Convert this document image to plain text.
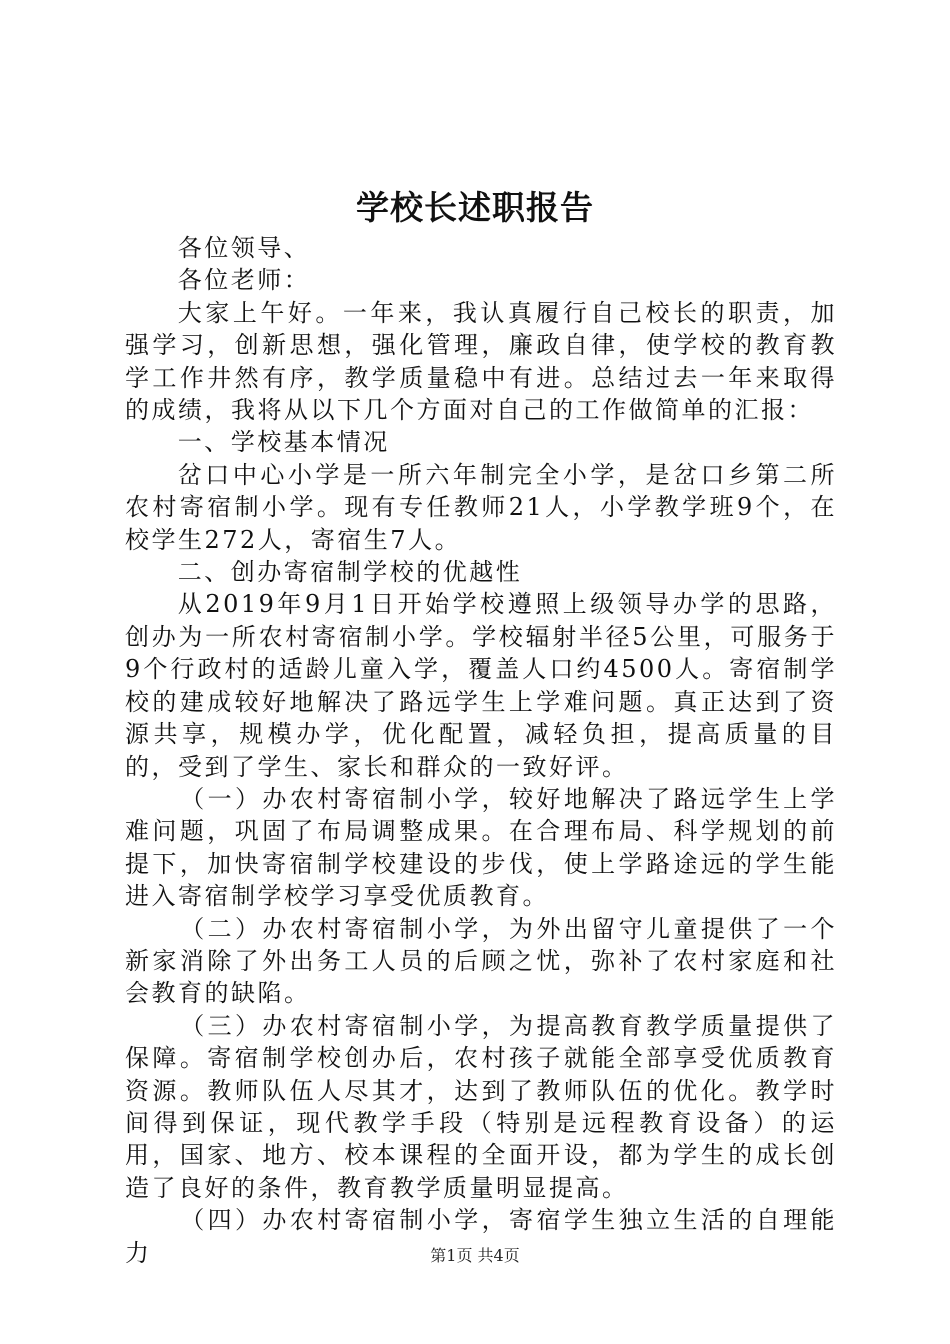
学校长述职报告

各位领导、

各位老师：

大家上午好。一年来，我认真履行自己校长的职责，加强学习，创新思想，强化管理，廉政自律，使学校的教育教学工作井然有序，教学质量稳中有进。总结过去一年来取得的成绩，我将从以下几个方面对自己的工作做简单的汇报：

一、学校基本情况

岔口中心小学是一所六年制完全小学，是岔口乡第二所农村寄宿制小学。现有专任教师21人，小学教学班9个，在校学生272人，寄宿生7人。

二、创办寄宿制学校的优越性

从2019年9月1日开始学校遵照上级领导办学的思路，创办为一所农村寄宿制小学。学校辐射半径5公里，可服务于9个行政村的适龄儿童入学，覆盖人口约4500人。寄宿制学校的建成较好地解决了路远学生上学难问题。真正达到了资源共享，规模办学，优化配置，减轻负担，提高质量的目的，受到了学生、家长和群众的一致好评。

（一）办农村寄宿制小学，较好地解决了路远学生上学难问题，巩固了布局调整成果。在合理布局、科学规划的前提下，加快寄宿制学校建设的步伐，使上学路途远的学生能进入寄宿制学校学习享受优质教育。

（二）办农村寄宿制小学，为外出留守儿童提供了一个新家消除了外出务工人员的后顾之忧，弥补了农村家庭和社会教育的缺陷。

（三）办农村寄宿制小学，为提高教育教学质量提供了保障。寄宿制学校创办后，农村孩子就能全部享受优质教育资源。教师队伍人尽其才，达到了教师队伍的优化。教学时间得到保证，现代教学手段（特别是远程教育设备）的运用，国家、地方、校本课程的全面开设，都为学生的成长创造了良好的条件，教育教学质量明显提高。

（四）办农村寄宿制小学，寄宿学生独立生活的自理能力	第1页 共4页
